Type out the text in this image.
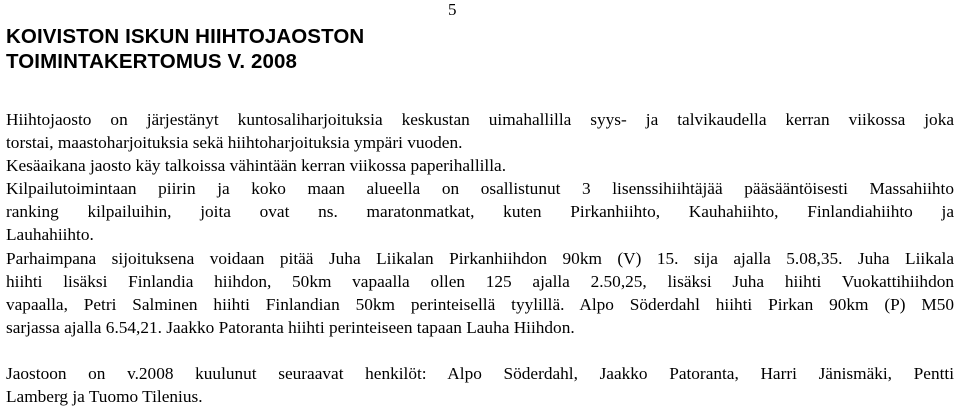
5
KOIVISTON ISKUN HIIHTOJAOSTON
TOIMINTAKERTOMUS V. 2008

Hiihtojaosto on järjestänyt kuntosaliharjoituksia keskustan uimahallilla syys- ja talvikaudella kerran viikossa joka
torstai, maastoharjoituksia sekä hiihtoharjoituksia ympäri vuoden.

Kesäaikana jaosto käy talkoissa vähintään kerran viikossa paperihallilla.

Kilpailutoimintaan piirin ja koko maan alueella on osallistunut 3 lisenssihiihtäjää pääsääntöisesti Massahiihto
ranking kilpailuihin, joita ovat ns. maratonmatkat, kuten Pirkanhiihto, Kauhahiihto, Finlandiahiihto ja
Lauhahiihto.

Parhaimpana sijoituksena voidaan pitää Juha Liikalan Pirkanhiihdon 90km (V) 15. sija ajalla 5.08,35. Juha Liikala
hiihti lisäksi Finlandia hiihdon, 50km vapaalla ollen 125 ajalla 2.50,25, lisäksi Juha hiihti Vuokattihiihdon
vapaalla, Petri Salminen hiihti Finlandian 50km perinteisellä tyylillä. Alpo Söderdahl hiihti Pirkan 90km (P) M50
sarjassa ajalla 6.54,21. Jaakko Patoranta hiihti perinteiseen tapaan Lauha Hiihdon.

Jaostoon on v.2008 kuulunut seuraavat henkilöt: Alpo Söderdahl, Jaakko Patoranta, Harri Jänismäki, Pentti
Lamberg ja Tuomo Tilenius.
